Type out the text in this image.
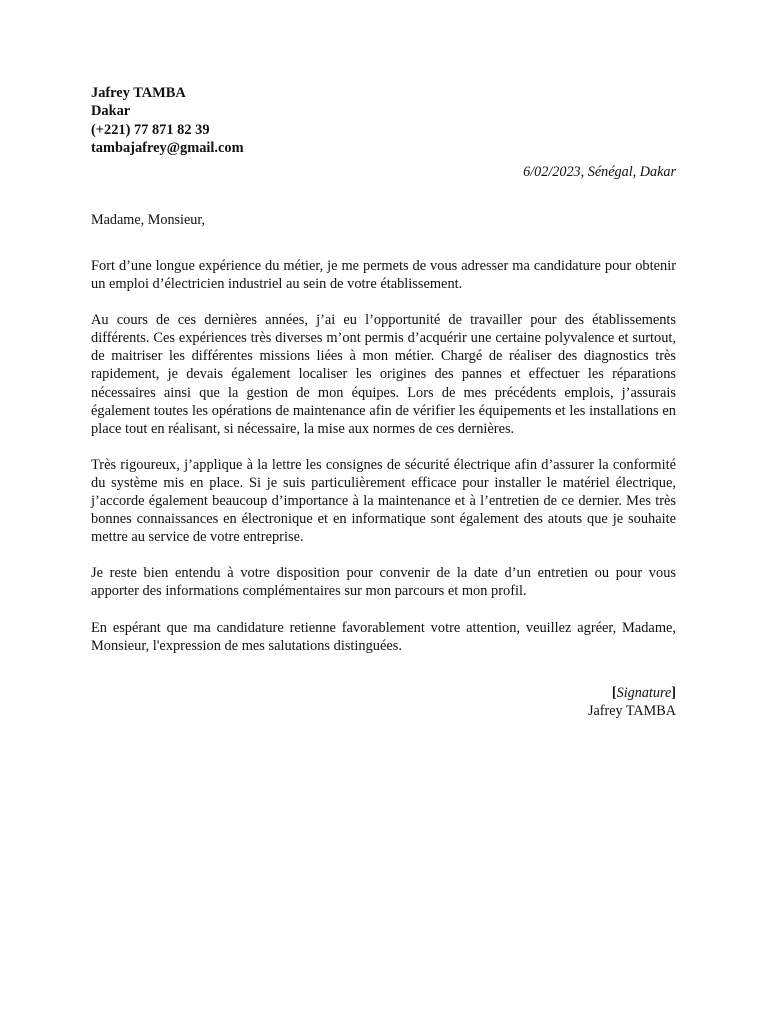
Jafrey TAMBA
Dakar
(+221) 77 871 82 39
tambajafrey@gmail.com
6/02/2023, Sénégal, Dakar
Madame, Monsieur,

Fort d’une longue expérience du métier, je me permets de vous adresser ma candidature pour obtenir un emploi d’électricien industriel au sein de votre établissement.

Au cours de ces dernières années, j’ai eu l’opportunité de travailler pour des établissements différents. Ces expériences très diverses m’ont permis d’acquérir une certaine polyvalence et surtout, de maitriser les différentes missions liées à mon métier. Chargé de réaliser des diagnostics très rapidement, je devais également localiser les origines des pannes et effectuer les réparations nécessaires ainsi que la gestion de mon équipes. Lors de mes précédents emplois, j’assurais également toutes les opérations de maintenance afin de vérifier les équipements et les installations en place tout en réalisant, si nécessaire, la mise aux normes de ces dernières.

Très rigoureux, j’applique à la lettre les consignes de sécurité électrique afin d’assurer la conformité du système mis en place. Si je suis particulièrement efficace pour installer le matériel électrique, j’accorde également beaucoup d’importance à la maintenance et à l’entretien de ce dernier. Mes très bonnes connaissances en électronique et en informatique sont également des atouts que je souhaite mettre au service de votre entreprise.

Je reste bien entendu à votre disposition pour convenir de la date d’un entretien ou pour vous apporter des informations complémentaires sur mon parcours et mon profil.

En espérant que ma candidature retienne favorablement votre attention, veuillez agréer, Madame, Monsieur, l'expression de mes salutations distinguées.

[Signature]
Jafrey TAMBA
